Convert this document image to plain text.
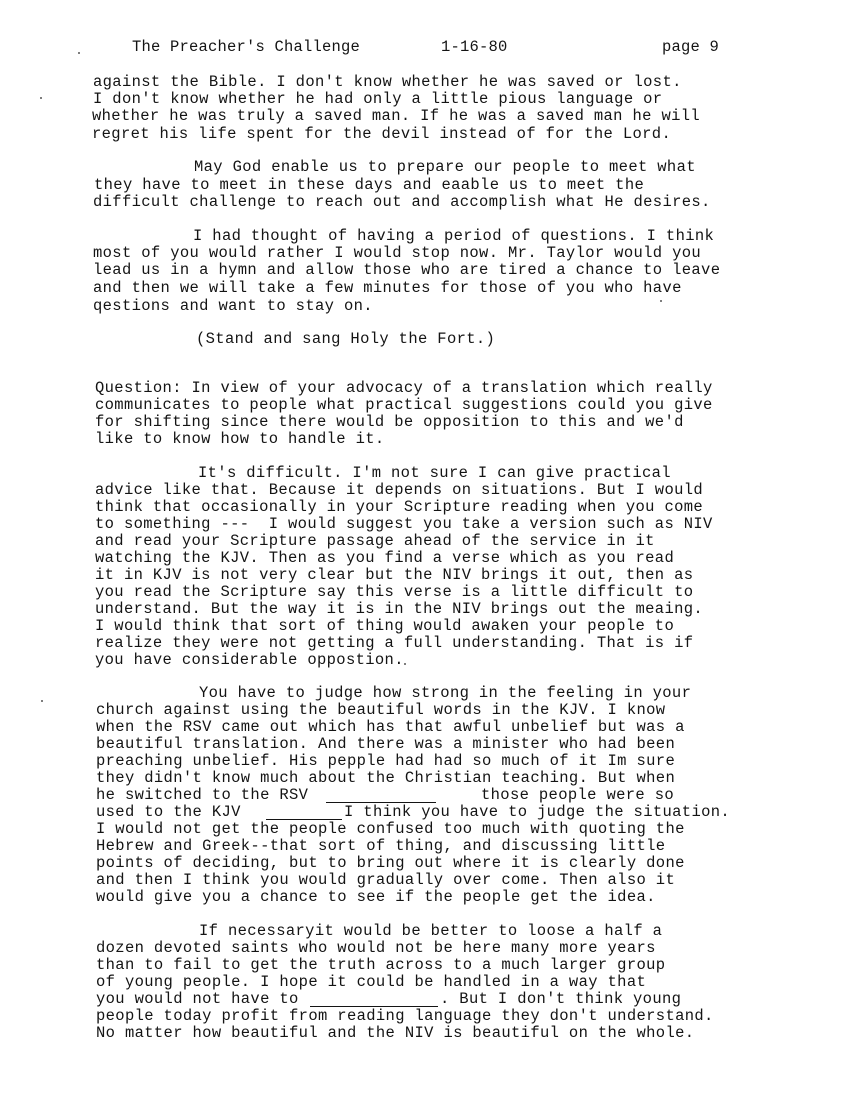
The Preacher's Challenge	1-16-80	page 9
against the Bible. I don't know whether he was saved or lost.
I don't know whether he had only a little pious language or
whether he was truly a saved man. If he was a saved man he will
regret his life spent for the devil instead of for the Lord.
May God enable us to prepare our people to meet what
they have to meet in these days and eaable us to meet the
difficult challenge to reach out and accomplish what He desires.
I had thought of having a period of questions. I think
most of you would rather I would stop now. Mr. Taylor would you
lead us in a hymn and allow those who are tired a chance to leave
and then we will take a few minutes for those of you who have
qestions and want to stay on.
(Stand and sang Holy the Fort.)
Question: In view of your advocacy of a translation which really
communicates to people what practical suggestions could you give
for shifting since there would be opposition to this and we'd
like to know how to handle it.
It's difficult. I'm not sure I can give practical
advice like that. Because it depends on situations. But I would
think that occasionally in your Scripture reading when you come
to something ---  I would suggest you take a version such as NIV
and read your Scripture passage ahead of the service in it
watching the KJV. Then as you find a verse which as you read
it in KJV is not very clear but the NIV brings it out, then as
you read the Scripture say this verse is a little difficult to
understand. But the way it is in the NIV brings out the meaing.
I would think that sort of thing would awaken your people to
realize they were not getting a full understanding. That is if
you have considerable oppostion.
You have to judge how strong in the feeling in your
church against using the beautiful words in the KJV. I know
when the RSV came out which has that awful unbelief but was a
beautiful translation. And there was a minister who had been
preaching unbelief. His pepple had had so much of it Im sure
they didn't know much about the Christian teaching. But when
he switched to the RSV	those people were so
used to the KJV	I think you have to judge the situation.
I would not get the people confused too much with quoting the
Hebrew and Greek--that sort of thing, and discussing little
points of deciding, but to bring out where it is clearly done
and then I think you would gradually over come. Then also it
would give you a chance to see if the people get the idea.
If necessaryit would be better to loose a half a
dozen devoted saints who would not be here many more years
than to fail to get the truth across to a much larger group
of young people. I hope it could be handled in a way that
you would not have to	. But I don't think young
people today profit from reading language they don't understand.
No matter how beautiful and the NIV is beautiful on the whole.
